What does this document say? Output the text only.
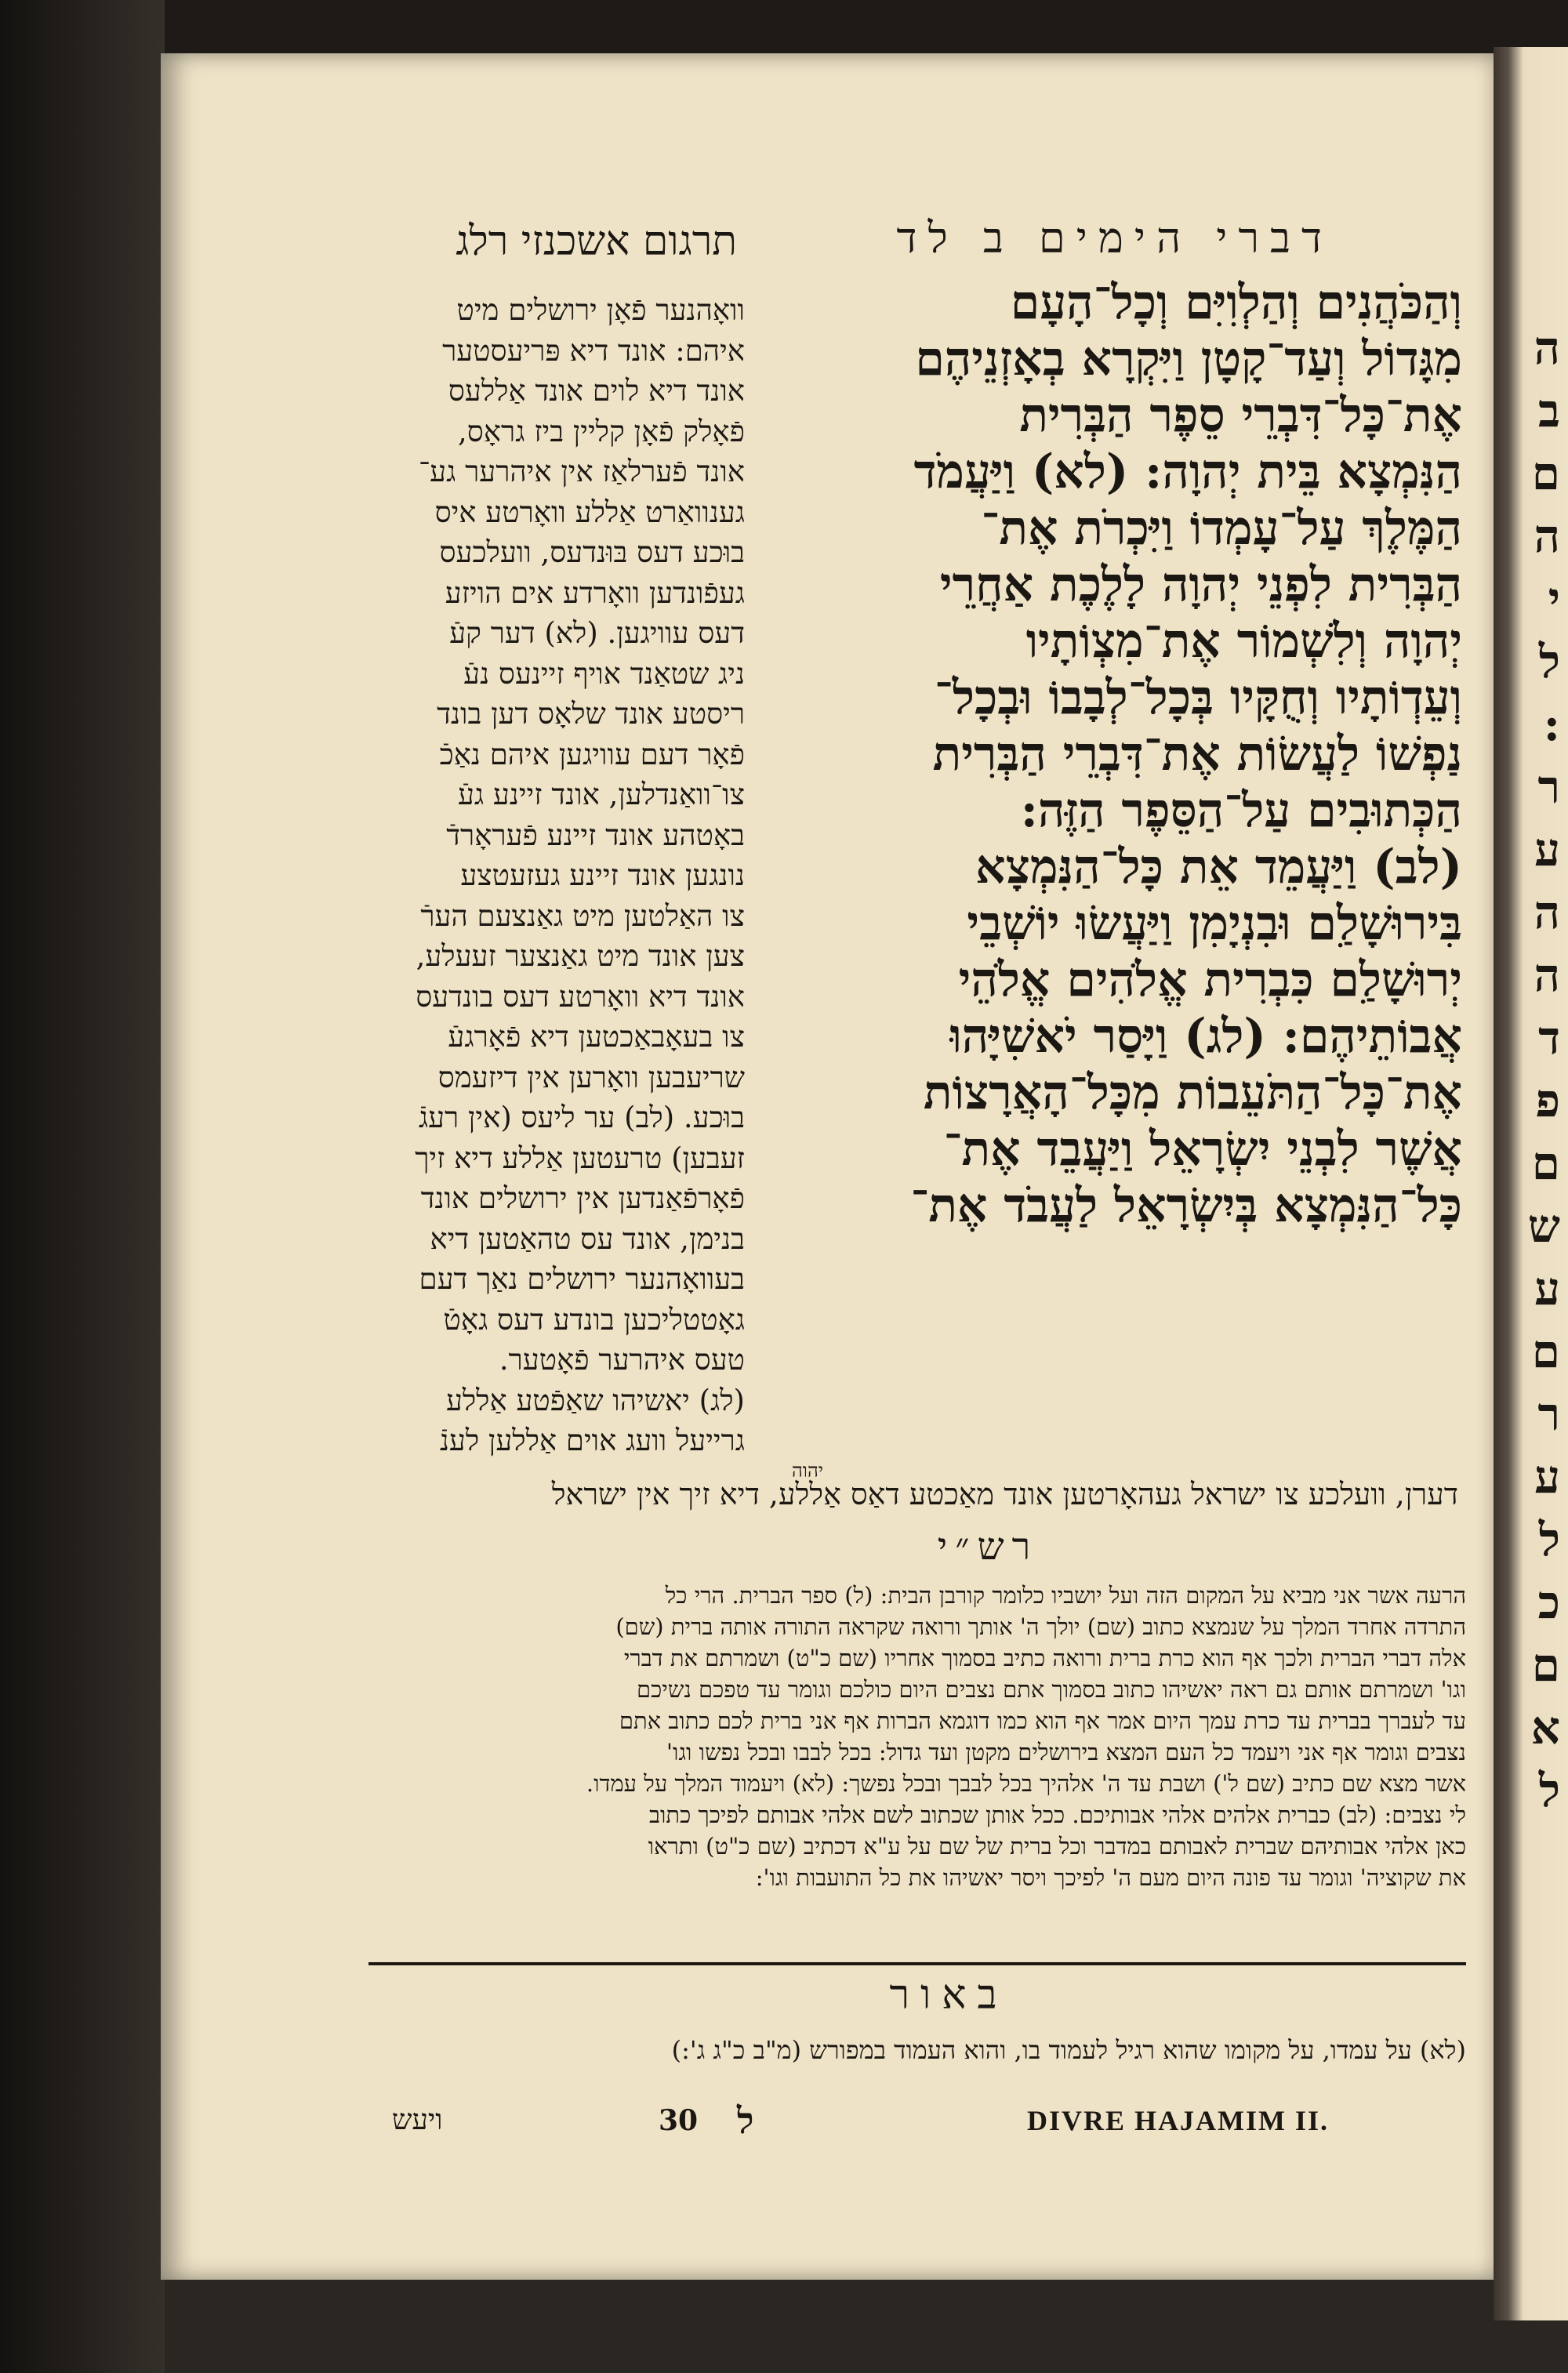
ה
ב
ם
ה
י
ל
:
ר
ע
ה
ה
ד
פ
ם
ש
ע
ם
ר
ע
ל
כ
ם
א
ל
תרגום אשכנזי רלג	דברי הימים ב לד
וואָהנער פֿאָן ירושלים מיט
איהם: אונד דיא פּריעסטער
אונד דיא לוים אונד אַללעס
פֿאָלק פֿאָן קליין ביז גראָס,
אונד פֿערלאַז אין איהרער גע־
גענוואַרט אַללע וואָרטע איס
בוּכע דעס בּוּנדעס, וועלכעס
געפֿונדען וואָרדע אים הויזע
דעס עוויגען. (לא) דער קעֿ
ניג שטאַנד אויף זיינעס נעֿ
ריסטע אונד שלאָס דען בונד
פֿאָר דעם עוויגען איהם נאַכֿ
צו־וואַנדלען, אונד זיינע געֿ
באָטהע אונד זיינע פֿעראָרדֿ
נונגען אונד זיינע געזעטצע
צו האַלטען מיט גאַנצעם הערֿ
צען אונד מיט גאַנצער זעעלע,
אונד דיא וואָרטע דעס בונדעס
צו בעאָבאַכטען דיא פֿאָרגעֿ
שריעבען וואָרען אין דיזעמס
בוּכע. (לב) ער ליעס (אין רעגֿ
זעבען) טרעטען אַללע דיא זיך
פֿאָרפֿאַנדען אין ירושלים אונד
בנימן, אונד עס טהאַטען דיא
בעוואָהנער ירושלים נאַך דעם
גאָטטליכען בונדע דעס גאָטֿ
טעס איהרער פֿאָטער.
(לג) יאשיהו שאַפֿטע אַללע
גרייעל וועג אוים אַללען לענֿ
וְהַכֹּהֲנִים וְהַלְוִיִּם וְכָל־הָעָם
מִגָּדוֹל וְעַד־קָטָן וַיִּקְרָא בְאָזְנֵיהֶם
אֶת־כָּל־דִּבְרֵי סֵפֶר הַבְּרִית
הַנִּמְצָא בֵּית יְהוָה: (לא) וַיַּעֲמֹד
הַמֶּלֶךְ עַל־עָמְדוֹ וַיִּכְרֹת אֶת־
הַבְּרִית לִפְנֵי יְהוָה לָלֶכֶת אַחֲרֵי
יְהוָה וְלִשְׁמוֹר אֶת־מִצְוֹתָיו
וְעֵדְוֹתָיו וְחֻקָּיו בְּכָל־לְבָבוֹ וּבְכָל־
נַפְשׁוֹ לַעֲשׂוֹת אֶת־דִּבְרֵי הַבְּרִית
הַכְּתוּבִים עַל־הַסֵּפֶר הַזֶּה:
(לב) וַיַּעֲמֵד אֵת כָּל־הַנִּמְצָא
בִּירוּשָׁלִַם וּבִנְיָמִן וַיַּעֲשׂוּ יוֹשְׁבֵי
יְרוּשָׁלִַם כִּבְרִית אֱלֹהִים אֱלֹהֵי
אֲבוֹתֵיהֶם: (לג) וַיָּסַר יֹאשִׁיָּהוּ
אֶת־כָּל־הַתֹּעֵבוֹת מִכָּל־הָאֲרָצוֹת
אֲשֶׁר לִבְנֵי יִשְׂרָאֵל וַיַּעֲבֵד אֶת־
כָּל־הַנִּמְצָא בְּיִשְׂרָאֵל לַעֲבֹד אֶת־
יהוה
דערן, וועלכע צו ישראל געהאָרטען אונד מאַכטע דאַס אַללע, דיא זיך אין ישראל
רש״י
הרעה אשר אני מביא על המקום הזה ועל יושביו כלומר קורבן הבית: (ל) ספר הברית. הרי כל
התרדה אחרד המלך על שנמצא כתוב (שם) יולך ה' אותך ורואה שקראה התורה אותה ברית (שם)
אלה דברי הברית ולכך אף הוא כרת ברית ורואה כתיב בסמוך אחריו (שם כ"ט) ושמרתם את דברי
וגו' ושמרתם אותם גם ראה יאשיהו כתוב בסמוך אתם נצבים היום כולכם וגומר עד טפכם נשיכם
עד לעברך בברית עד כרת עמך היום אמר אף הוא כמו דוגמא הברות אף אני ברית לכם כתוב אתם
נצבים וגומר אף אני ויעמד כל העם המצא בירושלים מקטן ועד גדול: בכל לבבו ובכל נפשו וגו'
אשר מצא שם כתיב (שם ל') ושבת עד ה' אלהיך בכל לבבך ובכל נפשך: (לא) ויעמוד המלך על עמדו.
לי נצבים: (לב) כברית אלהים אלהי אבותיכם. ככל אותן שכתוב לשם אלהי אבותם לפיכך כתוב
כאן אלהי אבותיהם שברית לאבותם במדבר וכל ברית של שם על ע"א דכתיב (שם כ"ט) ותראו
את שקוציה' וגומר עד פונה היום מעם ה' לפיכך ויסר יאשיהו את כל התועבות וגו':
באור
(לא) על עמדו, על מקומו שהוא רגיל לעמוד בו, והוא העמוד במפורש (מ"ב כ"ג ג':)
ויעש	30 ל	DIVRE HAJAMIM II.
